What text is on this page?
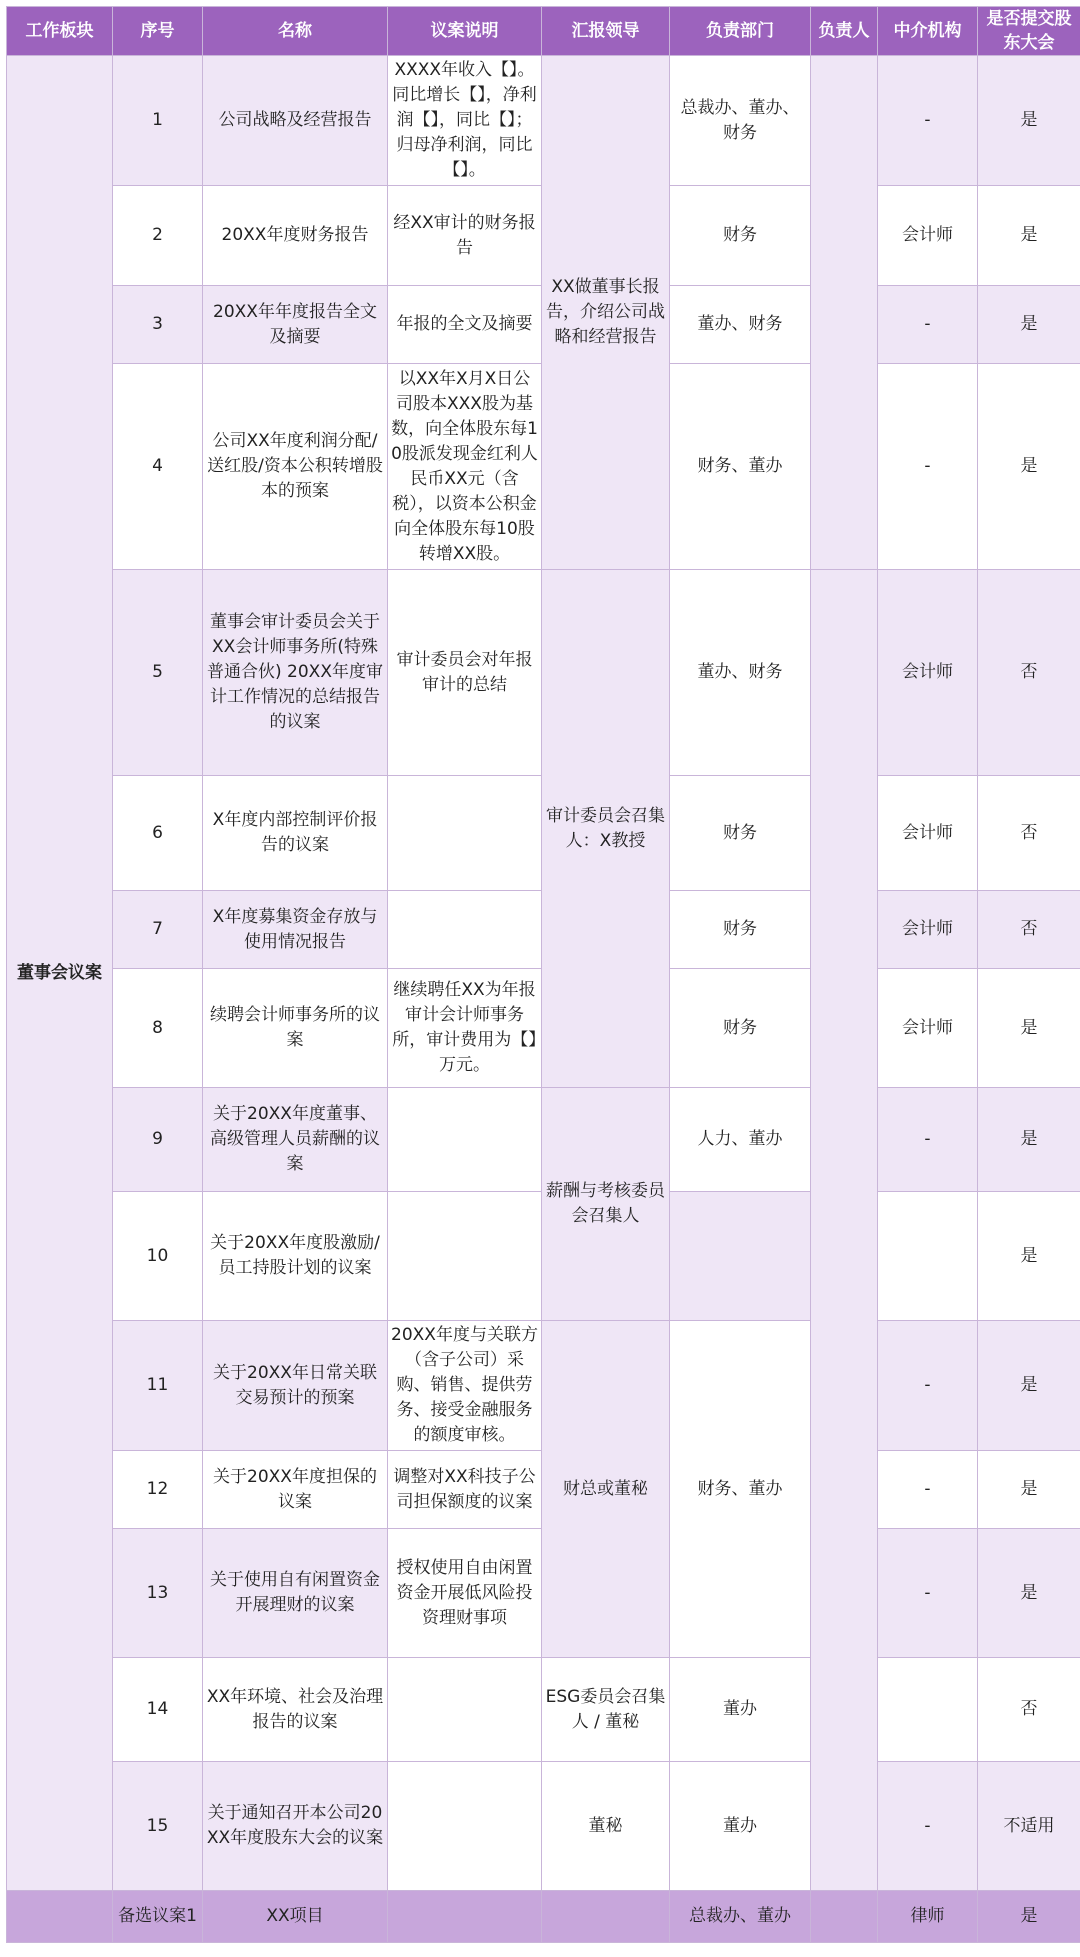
工作板块	序号	名称	议案说明	汇报领导	负责部门	负责人	中介机构	是否提交股东大会
董事会议案	1	公司战略及经营报告	XXXX年收入【】。同比增长【】，净利润【】，同比【】；归母净利润，同比【】。	XX做董事长报告，介绍公司战略和经营报告	总裁办、董办、财务		-	是
	2	20XX年度财务报告	经XX审计的财务报告		财务		会计师	是
	3	20XX年年度报告全文及摘要	年报的全文及摘要		董办、财务		-	是
	4	公司XX年度利润分配/送红股/资本公积转增股本的预案	以XX年X月X日公司股本XXX股为基数，向全体股东每10股派发现金红利人民币XX元（含税），以资本公积金向全体股东每10股转增XX股。		财务、董办		-	是
	5	董事会审计委员会关于XX会计师事务所(特殊普通合伙) 20XX年度审计工作情况的总结报告的议案	审计委员会对年报审计的总结	审计委员会召集人：X教授	董办、财务		会计师	否
	6	X年度内部控制评价报告的议案			财务		会计师	否
	7	X年度募集资金存放与使用情况报告			财务		会计师	否
	8	续聘会计师事务所的议案	继续聘任XX为年报审计会计师事务所，审计费用为【】万元。		财务		会计师	是
	9	关于20XX年度董事、高级管理人员薪酬的议案		薪酬与考核委员会召集人	人力、董办		-	是
	10	关于20XX年度股激励/员工持股计划的议案						是
	11	关于20XX年日常关联交易预计的预案	20XX年度与关联方（含子公司）采购、销售、提供劳务、接受金融服务的额度审核。	财总或董秘	财务、董办		-	是
	12	关于20XX年度担保的议案	调整对XX科技子公司担保额度的议案				-	是
	13	关于使用自有闲置资金开展理财的议案	授权使用自由闲置资金开展低风险投资理财事项				-	是
	14	XX年环境、社会及治理报告的议案		ESG委员会召集人 / 董秘	董办			否
	15	关于通知召开本公司20XX年度股东大会的议案		董秘	董办		-	不适用
	备选议案1	XX项目			总裁办、董办		律师	是
